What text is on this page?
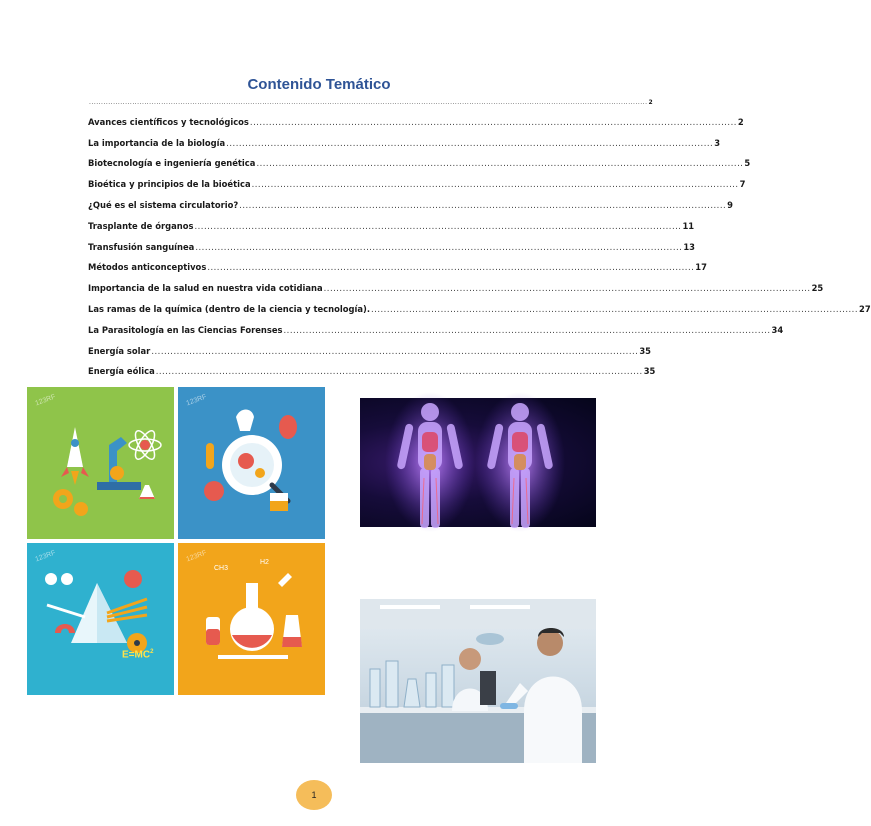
Contenido Temático
........................................................................................................................................................................................................................................ 2
Avances científicos y tecnológicos .......................................................................................................................................................... 2
La importancia de la biología .......................................................................................................................................................... 3
Biotecnología e ingeniería genética .......................................................................................................................................................... 5
Bioética y principios de la bioética .......................................................................................................................................................... 7
¿Qué es el sistema circulatorio? .......................................................................................................................................................... 9
Trasplante de órganos .......................................................................................................................................................... 11
Transfusión sanguínea .......................................................................................................................................................... 13
Métodos anticonceptivos .......................................................................................................................................................... 17
Importancia de la salud en nuestra vida cotidiana .......................................................................................................................................................... 25
Las ramas de la química (dentro de la ciencia y tecnología). .......................................................................................................................................................... 27
La Parasitología en las Ciencias Forenses .......................................................................................................................................................... 34
Energía solar .......................................................................................................................................................... 35
Energía eólica .......................................................................................................................................................... 35
123RF	123RF
123RF
$E=MC^2$
123RF
CH3
H2
1
